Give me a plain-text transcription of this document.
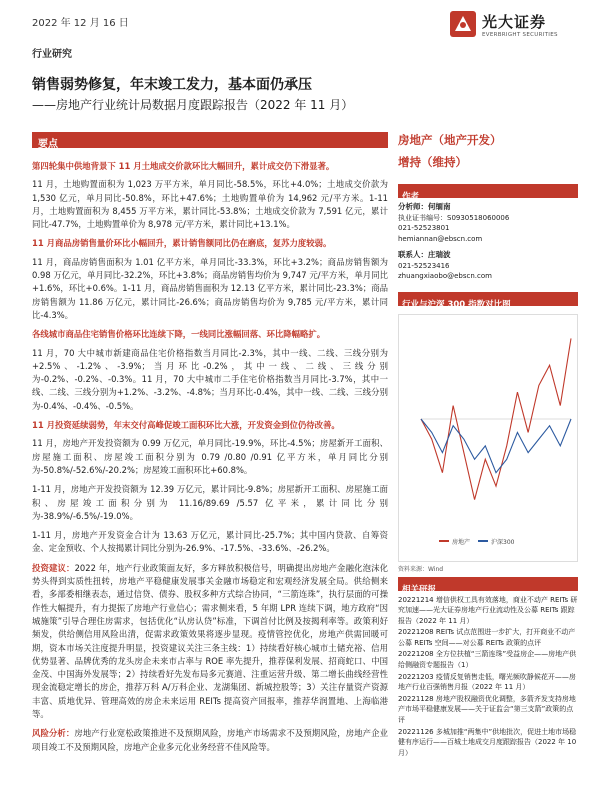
2022 年 12 月 16 日
行业研究
光大证券
EVERBRIGHT SECURITIES
销售弱势修复，年末竣工发力，基本面仍承压
——房地产行业统计局数据月度跟踪报告（2022 年 11 月）
要点

第四轮集中供地背景下 11 月土地成交价款环比大幅回升，累计成交仍下滑显著。

11 月，土地购置面积为 1,023 万平方米，单月同比-58.5%，环比+4.0%；土地成交价款为 1,530 亿元，单月同比-50.8%，环比+47.6%；土地购置单价为 14,962 元/平方米。1-11 月，土地购置面积为 8,455 万平方米，累计同比-53.8%；土地成交价款为 7,591 亿元，累计同比-47.7%，土地购置单价为 8,978 元/平方米，累计同比+13.1%。

11 月商品房销售量价环比小幅回升，累计销售额同比仍在磨底，复苏力度较弱。

11 月，商品房销售面积为 1.01 亿平方米，单月同比-33.3%，环比+3.2%；商品房销售额为 0.98 万亿元，单月同比-32.2%，环比+3.8%；商品房销售均价为 9,747 元/平方米，单月同比+1.6%，环比+0.6%。1-11 月，商品房销售面积为 12.13 亿平方米，累计同比-23.3%；商品房销售额为 11.86 万亿元，累计同比-26.6%；商品房销售均价为 9,785 元/平方米，累计同比-4.3%。

各线城市商品住宅销售价格环比连续下降，一线同比涨幅回落、环比降幅略扩。

11 月，70 大中城市新建商品住宅价格指数当月同比-2.3%，其中一线、二线、三线分别为+2.5%、-1.2%、-3.9%；当月环比-0.2%，其中一线、二线、三线分别为-0.2%、-0.2%、-0.3%。11 月，70 大中城市二手住宅价格指数当月同比-3.7%，其中一线、二线、三线分别为+1.2%、-3.2%、-4.8%；当月环比-0.4%，其中一线、二线、三线分别为-0.4%、-0.4%、-0.5%。

11 月投资延续弱势，年末交付高峰促竣工面积环比大涨，开发资金到位仍待改善。

11 月，房地产开发投资额为 0.99 万亿元，单月同比-19.9%，环比-4.5%；房屋新开工面积、房屋施工面积、房屋竣工面积分别为 0.79 /0.80 /0.91 亿平方米，单月同比分别为-50.8%/-52.6%/-20.2%；房屋竣工面积环比+60.8%。

1-11 月，房地产开发投资额为 12.39 万亿元，累计同比-9.8%；房屋新开工面积、房屋施工面积、房屋竣工面积分别为 11.16/89.69 /5.57 亿平米，累计同比分别为-38.9%/-6.5%/-19.0%。

1-11 月，房地产开发资金合计为 13.63 万亿元，累计同比-25.7%；其中国内贷款、自筹资金、定金预收、个人按揭累计同比分别为-26.9%、-17.5%、-33.6%、-26.2%。

投资建议：2022 年，地产行业政策面友好，多方释放积极信号，明确提出房地产金融化泡沫化势头得到实质性扭转，房地产平稳健康发展事关金融市场稳定和宏观经济发展全局。供给侧来看，多部委相继表态，通过信贷、债券、股权多种方式综合协同，“三箭连珠”，执行层面的可操作性大幅提升，有力提振了房地产行业信心；需求侧来看，5 年期 LPR 连续下调，地方政府“因城施策”引导合理住房需求，包括优化“认房认贷”标准，下调首付比例及按揭利率等。政策利好频发，供给侧信用风险出清，促需求政策效果将逐步显现。疫情管控优化，房地产供需回暖可期，资本市场关注度提升明显，投资建议关注三条主线：1）持续看好核心城市土储充裕、信用优势显著、品牌优秀的龙头房企未来市占率与 ROE 率先提升，推荐保利发展、招商蛇口、中国金茂、中国海外发展等；2）持续看好先发布局多元赛道、注重运营升级、第二增长曲线经营性现金流稳定增长的房企，推荐万科 A/万科企业、龙湖集团、新城控股等；3）关注存量资产资源丰富、质地优异、管理高效的房企未来运用 REITs 提高资产回报率，推荐华润置地、上海临港等。

风险分析：房地产行业宽松政策推进不及预期风险，房地产市场需求不及预期风险，房地产企业项目竣工不及预期风险，房地产企业多元化业务经营不佳风险等。

房地产（地产开发）
增持（维持）
作者
分析师：何缅南
执业证书编号：S0930518060006
021-52523801
hemiannan@ebscn.com
联系人：庄瑞波
021-52523416
zhuangxiaobo@ebscn.com
行业与沪深 300 指数对比图
房地产	沪深300
资料来源：Wind
相关研报

20221214 增信供权工具有效落地，商业不动产 REITs 研究加速——光大证券房地产行业流动性及公募 REITs 跟踪报告（2022 年 11 月）

20221208 REITs 试点范围进一步扩大，打开商业不动产公募 REITs 空间——对公募 REITs 政策的点评

20221208 全方位扶植“三箭连珠”受益房企——房地产供给侧融资专题报告（1）

20221203 疫情反复销售走低，曙光频吹静候花开——房地产行业百强销售月报（2022 年 11 月）

20221128 房地产股权融资优化调整，多箭齐发支持房地产市场平稳健康发展——关于证监会“第三支箭”政策的点评

20221126 多城加推“两集中”供地批次，促进土地市场稳健有序运行——百城土地成交月度跟踪报告（2022 年 10 月）
